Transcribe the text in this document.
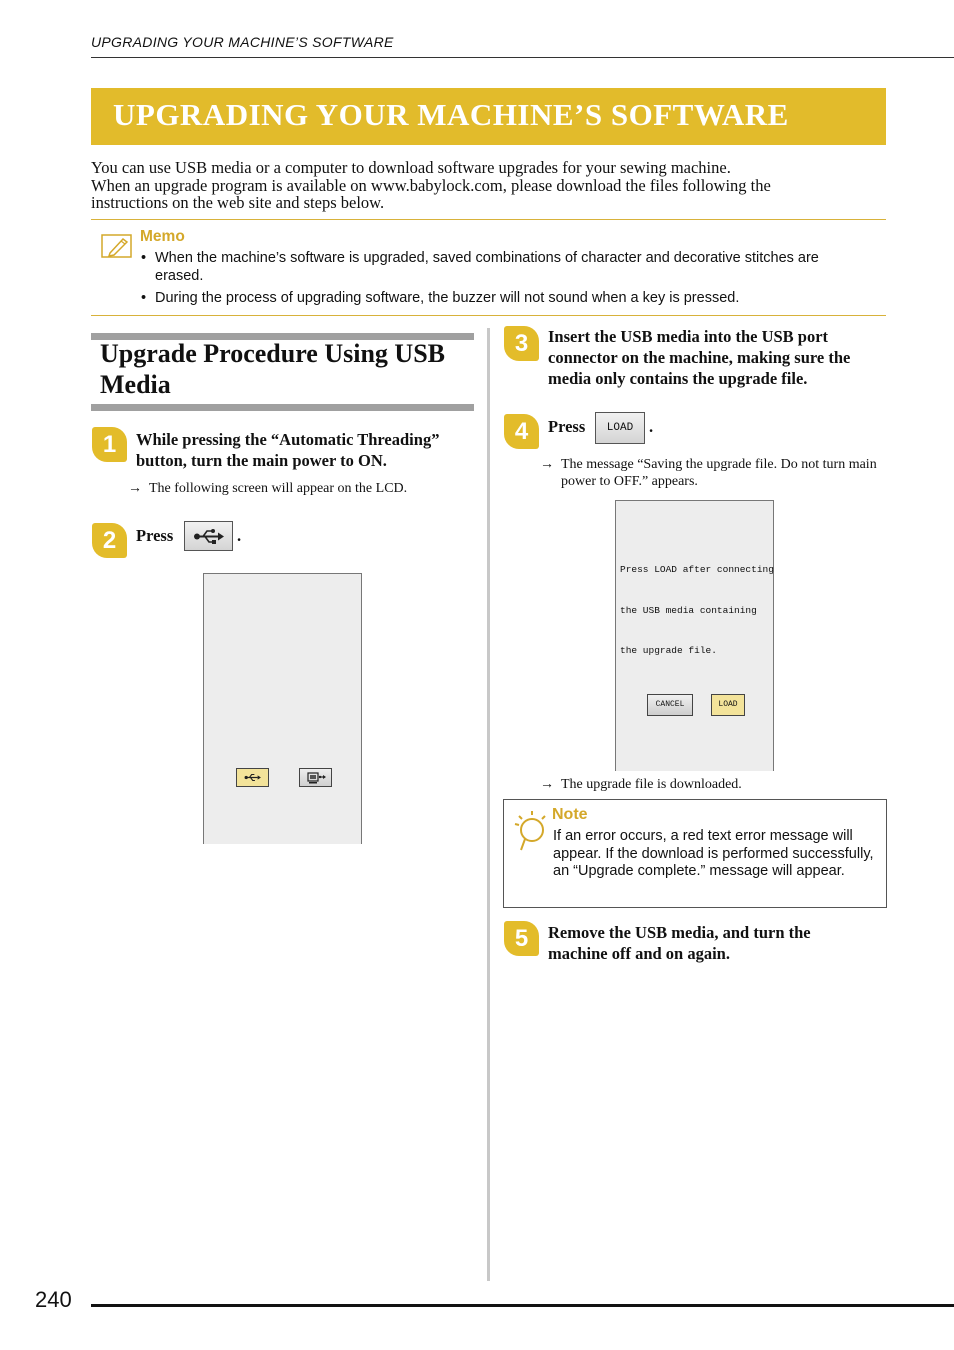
UPGRADING YOUR MACHINE’S SOFTWARE
UPGRADING YOUR MACHINE’S SOFTWARE
You can use USB media or a computer to download software upgrades for your sewing machine.
When an upgrade program is available on www.babylock.com, please download the files following the
instructions on the web site and steps below.
Memo
• When the machine’s software is upgraded, saved combinations of character and decorative stitches are erased.
• During the process of upgrading software, the buzzer will not sound when a key is pressed.
Upgrade Procedure Using USB Media
1	While pressing the “Automatic Threading” button, turn the main power to ON.
→ The following screen will appear on the LCD.
2	Press	.
3	Insert the USB media into the USB port connector on the machine, making sure the media only contains the upgrade file.
4	Press	LOAD .
→ The message “Saving the upgrade file. Do not turn main power to OFF.” appears.

Press LOAD after connecting

the USB media containing

the upgrade file.

CANCEL	LOAD
→ The upgrade file is downloaded.
Note
If an error occurs, a red text error message will appear. If the download is performed successfully, an “Upgrade complete.” message will appear.
5	Remove the USB media, and turn the machine off and on again.
240
